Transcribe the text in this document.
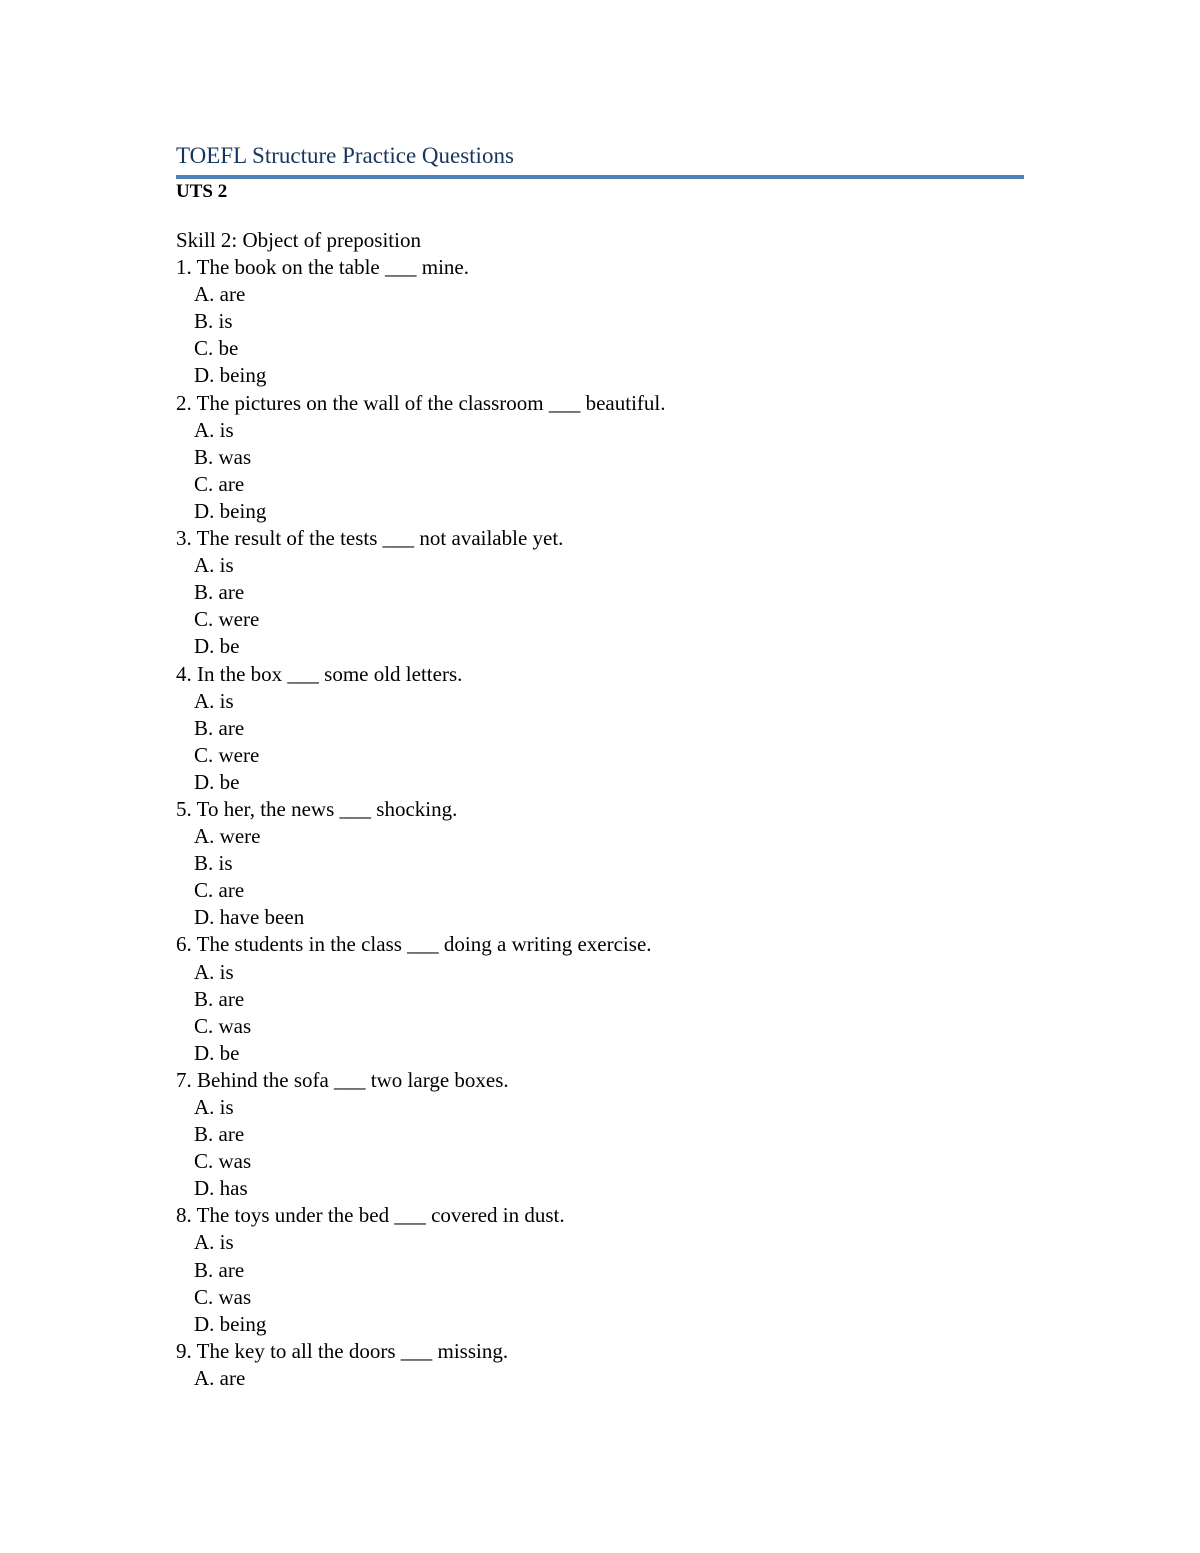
TOEFL Structure Practice Questions
UTS 2
Skill 2: Object of preposition
1. The book on the table ___ mine.
A. are
B. is
C. be
D. being
2. The pictures on the wall of the classroom ___ beautiful.
A. is
B. was
C. are
D. being
3. The result of the tests ___ not available yet.
A. is
B. are
C. were
D. be
4. In the box ___ some old letters.
A. is
B. are
C. were
D. be
5. To her, the news ___ shocking.
A. were
B. is
C. are
D. have been
6. The students in the class ___ doing a writing exercise.
A. is
B. are
C. was
D. be
7. Behind the sofa ___ two large boxes.
A. is
B. are
C. was
D. has
8. The toys under the bed ___ covered in dust.
A. is
B. are
C. was
D. being
9. The key to all the doors ___ missing.
A. are
